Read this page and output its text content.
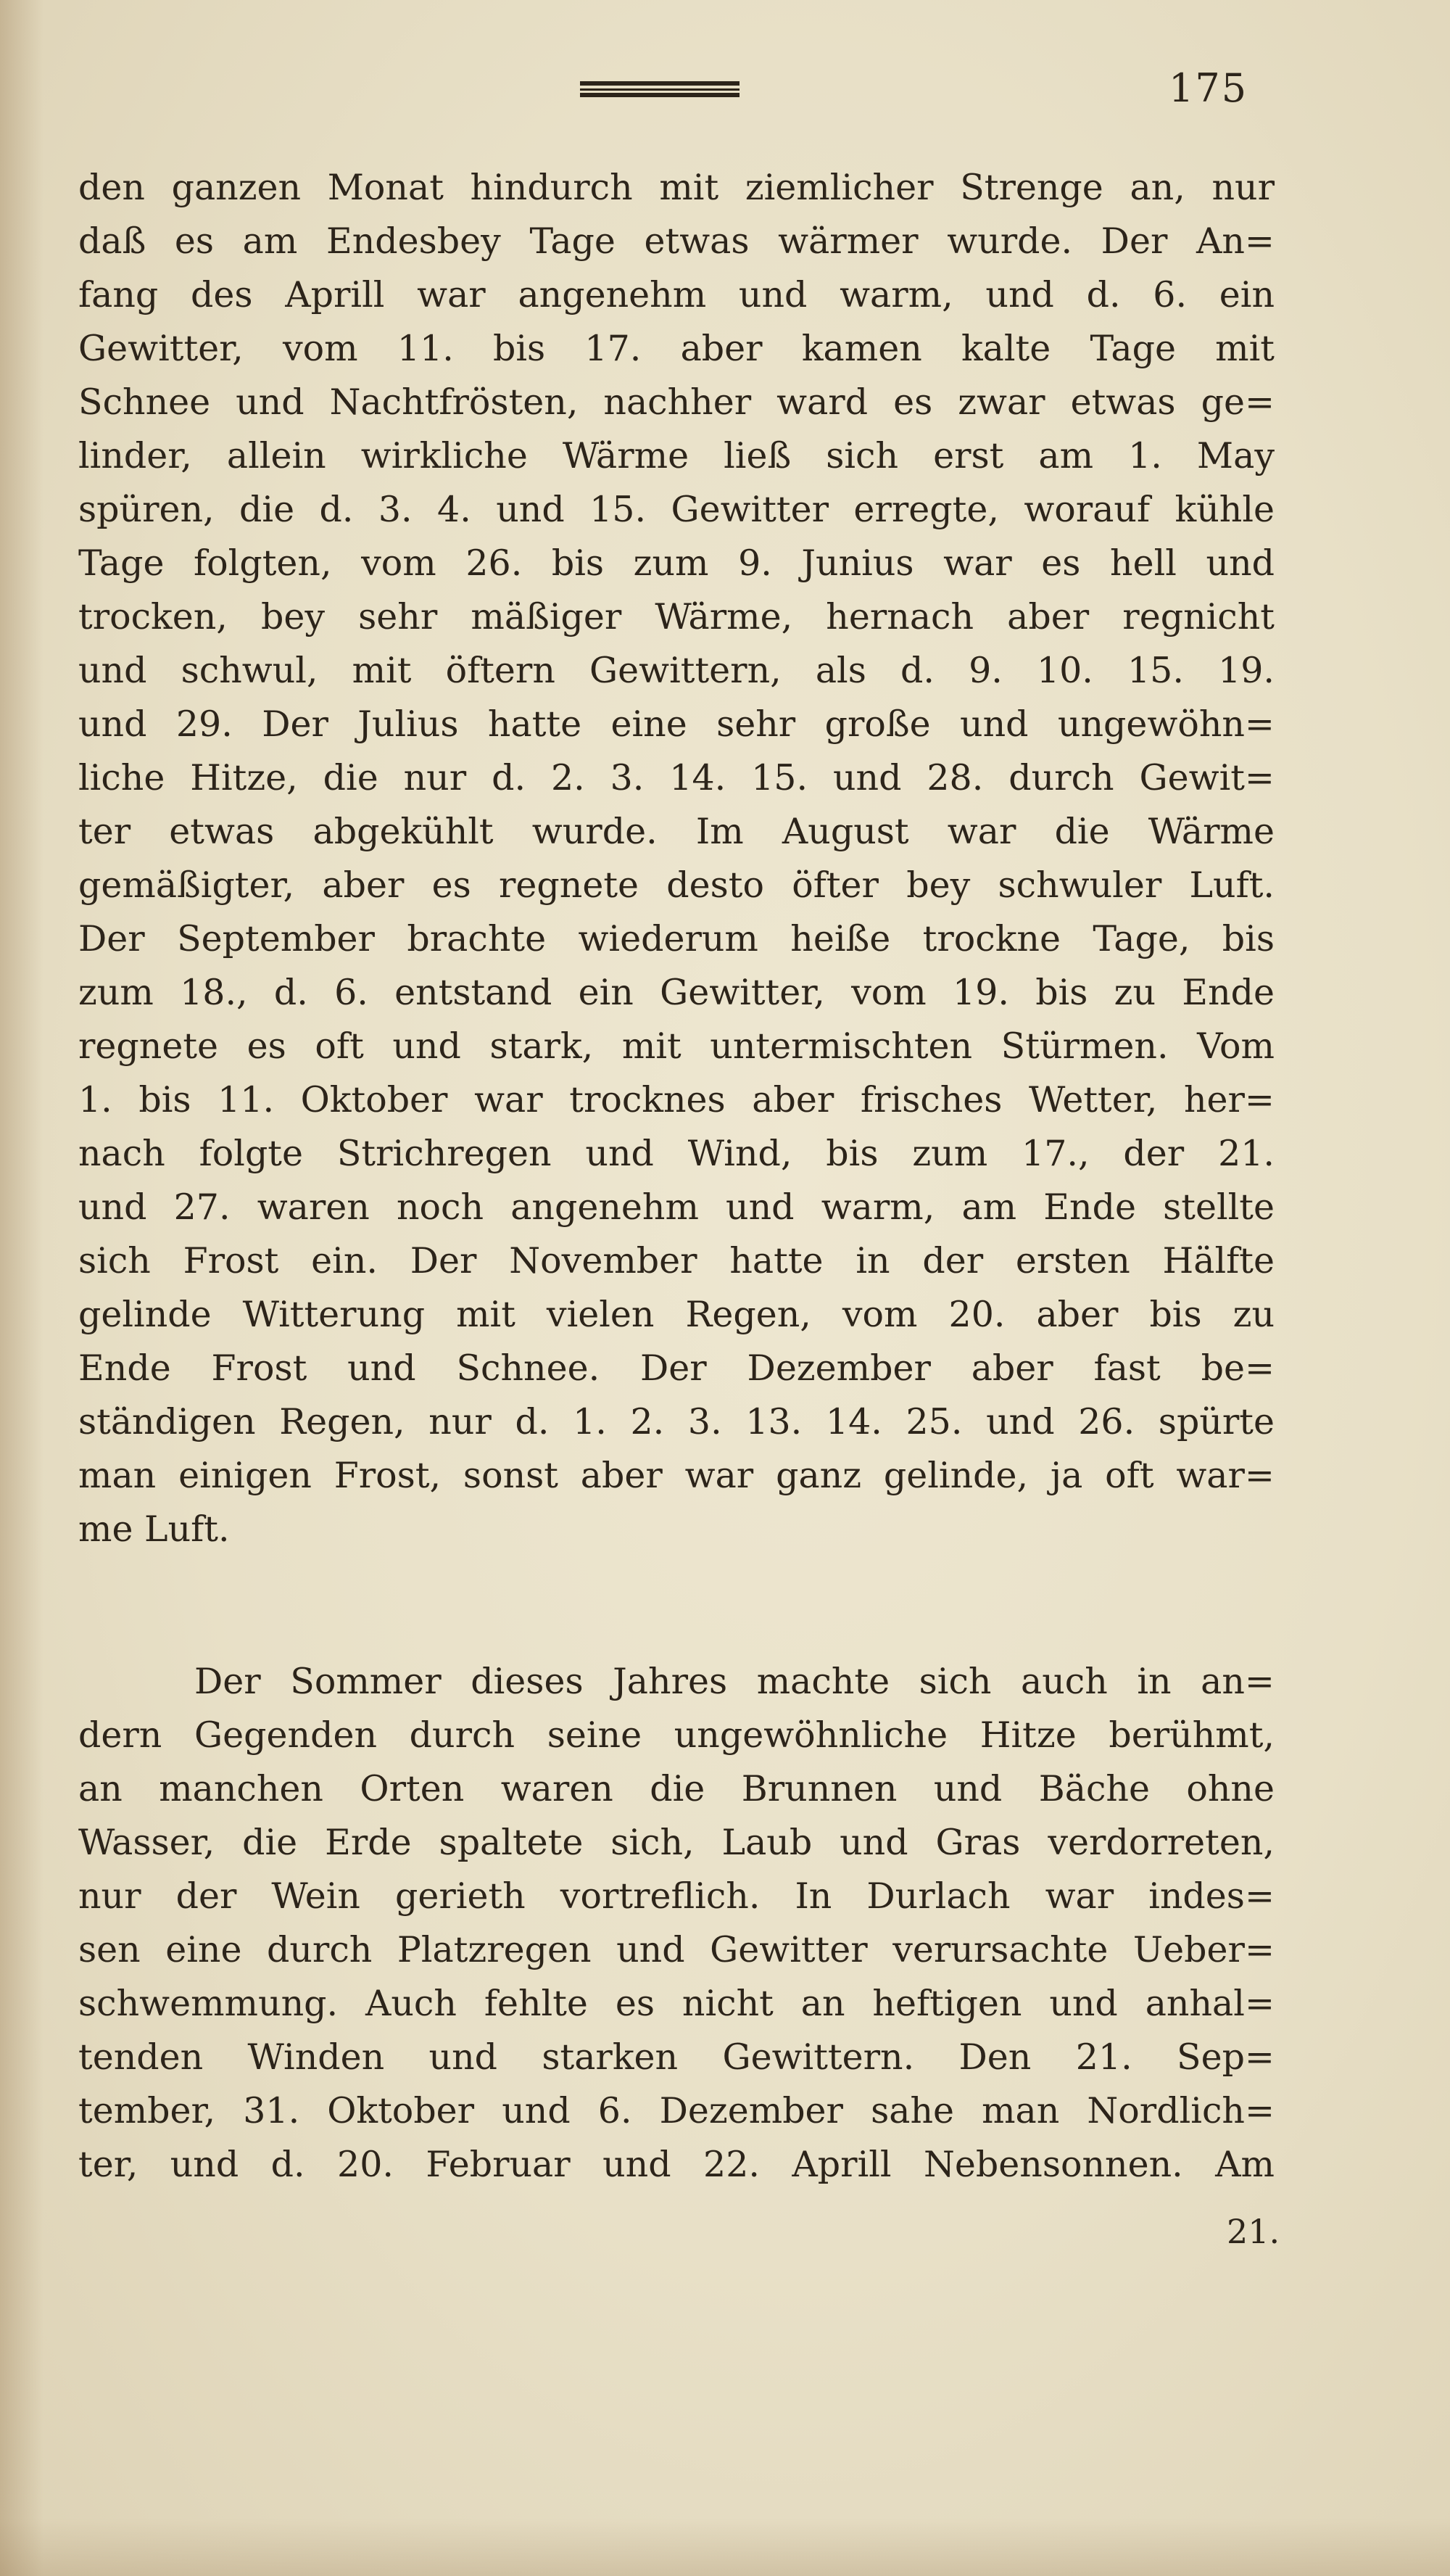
175
den ganzen Monat hindurch mit ziemlicher Strenge an, nur
daß es am Endesbey Tage etwas wärmer wurde. Der An=
fang des Aprill war angenehm und warm, und d. 6. ein
Gewitter, vom 11. bis 17. aber kamen kalte Tage mit
Schnee und Nachtfrösten, nachher ward es zwar etwas ge=
linder, allein wirkliche Wärme ließ sich erst am 1. May
spüren, die d. 3. 4. und 15. Gewitter erregte, worauf kühle
Tage folgten, vom 26. bis zum 9. Junius war es hell und
trocken, bey sehr mäßiger Wärme, hernach aber regnicht
und schwul, mit öftern Gewittern, als d. 9. 10. 15. 19.
und 29. Der Julius hatte eine sehr große und ungewöhn=
liche Hitze, die nur d. 2. 3. 14. 15. und 28. durch Gewit=
ter etwas abgekühlt wurde. Im August war die Wärme
gemäßigter, aber es regnete desto öfter bey schwuler Luft.
Der September brachte wiederum heiße trockne Tage, bis
zum 18., d. 6. entstand ein Gewitter, vom 19. bis zu Ende
regnete es oft und stark, mit untermischten Stürmen. Vom
1. bis 11. Oktober war trocknes aber frisches Wetter, her=
nach folgte Strichregen und Wind, bis zum 17., der 21.
und 27. waren noch angenehm und warm, am Ende stellte
sich Frost ein. Der November hatte in der ersten Hälfte
gelinde Witterung mit vielen Regen, vom 20. aber bis zu
Ende Frost und Schnee. Der Dezember aber fast be=
ständigen Regen, nur d. 1. 2. 3. 13. 14. 25. und 26. spürte
man einigen Frost, sonst aber war ganz gelinde, ja oft war=
me Luft.
Der Sommer dieses Jahres machte sich auch in an=
dern Gegenden durch seine ungewöhnliche Hitze berühmt,
an manchen Orten waren die Brunnen und Bäche ohne
Wasser, die Erde spaltete sich, Laub und Gras verdorreten,
nur der Wein gerieth vortreflich. In Durlach war indes=
sen eine durch Platzregen und Gewitter verursachte Ueber=
schwemmung. Auch fehlte es nicht an heftigen und anhal=
tenden Winden und starken Gewittern. Den 21. Sep=
tember, 31. Oktober und 6. Dezember sahe man Nordlich=
ter, und d. 20. Februar und 22. Aprill Nebensonnen. Am
21.
